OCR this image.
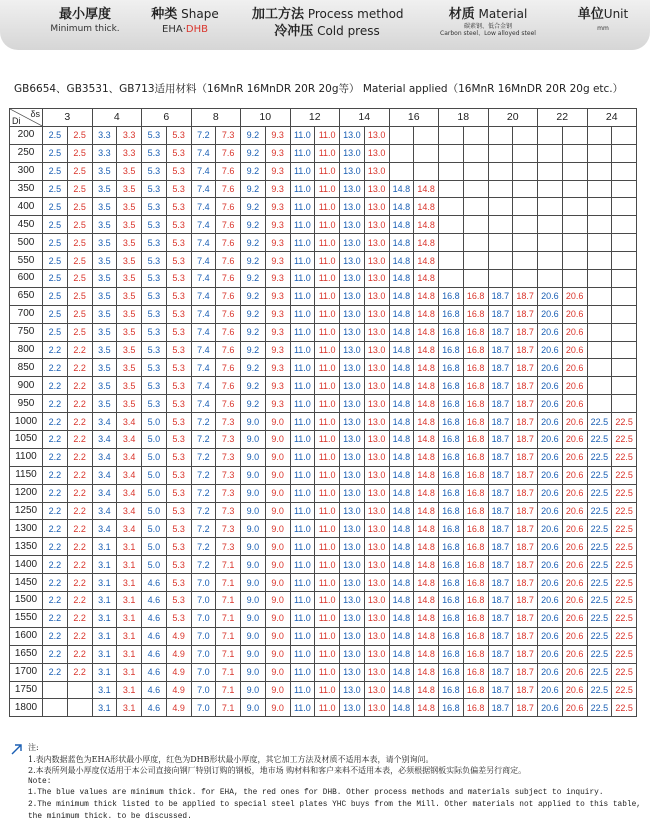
最小厚度
Minimum thick.
种类 Shape
EHA·DHB
加工方法 Process method
冷冲压 Cold press
材质 Material
碳素钢、低合金钢
Carbon steel、Low alloyed steel
单位Unit
mm
GB6654、GB3531、GB713适用材料（16MnR 16MnDR 20R 20g等） Material applied（16MnR 16MnDR 20R 20g etc.）
δs
Di	3		4		6		8		10		12		14		16		18		20		22		24	
200	2.5	2.5	3.3	3.3	5.3	5.3	7.2	7.3	9.2	9.3	11.0	11.0	13.0	13.0										
250	2.5	2.5	3.3	3.3	5.3	5.3	7.4	7.6	9.2	9.3	11.0	11.0	13.0	13.0										
300	2.5	2.5	3.5	3.5	5.3	5.3	7.4	7.6	9.2	9.3	11.0	11.0	13.0	13.0										
350	2.5	2.5	3.5	3.5	5.3	5.3	7.4	7.6	9.2	9.3	11.0	11.0	13.0	13.0	14.8	14.8								
400	2.5	2.5	3.5	3.5	5.3	5.3	7.4	7.6	9.2	9.3	11.0	11.0	13.0	13.0	14.8	14.8								
450	2.5	2.5	3.5	3.5	5.3	5.3	7.4	7.6	9.2	9.3	11.0	11.0	13.0	13.0	14.8	14.8								
500	2.5	2.5	3.5	3.5	5.3	5.3	7.4	7.6	9.2	9.3	11.0	11.0	13.0	13.0	14.8	14.8								
550	2.5	2.5	3.5	3.5	5.3	5.3	7.4	7.6	9.2	9.3	11.0	11.0	13.0	13.0	14.8	14.8								
600	2.5	2.5	3.5	3.5	5.3	5.3	7.4	7.6	9.2	9.3	11.0	11.0	13.0	13.0	14.8	14.8								
650	2.5	2.5	3.5	3.5	5.3	5.3	7.4	7.6	9.2	9.3	11.0	11.0	13.0	13.0	14.8	14.8	16.8	16.8	18.7	18.7	20.6	20.6		
700	2.5	2.5	3.5	3.5	5.3	5.3	7.4	7.6	9.2	9.3	11.0	11.0	13.0	13.0	14.8	14.8	16.8	16.8	18.7	18.7	20.6	20.6		
750	2.5	2.5	3.5	3.5	5.3	5.3	7.4	7.6	9.2	9.3	11.0	11.0	13.0	13.0	14.8	14.8	16.8	16.8	18.7	18.7	20.6	20.6		
800	2.2	2.2	3.5	3.5	5.3	5.3	7.4	7.6	9.2	9.3	11.0	11.0	13.0	13.0	14.8	14.8	16.8	16.8	18.7	18.7	20.6	20.6		
850	2.2	2.2	3.5	3.5	5.3	5.3	7.4	7.6	9.2	9.3	11.0	11.0	13.0	13.0	14.8	14.8	16.8	16.8	18.7	18.7	20.6	20.6		
900	2.2	2.2	3.5	3.5	5.3	5.3	7.4	7.6	9.2	9.3	11.0	11.0	13.0	13.0	14.8	14.8	16.8	16.8	18.7	18.7	20.6	20.6		
950	2.2	2.2	3.5	3.5	5.3	5.3	7.4	7.6	9.2	9.3	11.0	11.0	13.0	13.0	14.8	14.8	16.8	16.8	18.7	18.7	20.6	20.6		
1000	2.2	2.2	3.4	3.4	5.0	5.3	7.2	7.3	9.0	9.0	11.0	11.0	13.0	13.0	14.8	14.8	16.8	16.8	18.7	18.7	20.6	20.6	22.5	22.5
1050	2.2	2.2	3.4	3.4	5.0	5.3	7.2	7.3	9.0	9.0	11.0	11.0	13.0	13.0	14.8	14.8	16.8	16.8	18.7	18.7	20.6	20.6	22.5	22.5
1100	2.2	2.2	3.4	3.4	5.0	5.3	7.2	7.3	9.0	9.0	11.0	11.0	13.0	13.0	14.8	14.8	16.8	16.8	18.7	18.7	20.6	20.6	22.5	22.5
1150	2.2	2.2	3.4	3.4	5.0	5.3	7.2	7.3	9.0	9.0	11.0	11.0	13.0	13.0	14.8	14.8	16.8	16.8	18.7	18.7	20.6	20.6	22.5	22.5
1200	2.2	2.2	3.4	3.4	5.0	5.3	7.2	7.3	9.0	9.0	11.0	11.0	13.0	13.0	14.8	14.8	16.8	16.8	18.7	18.7	20.6	20.6	22.5	22.5
1250	2.2	2.2	3.4	3.4	5.0	5.3	7.2	7.3	9.0	9.0	11.0	11.0	13.0	13.0	14.8	14.8	16.8	16.8	18.7	18.7	20.6	20.6	22.5	22.5
1300	2.2	2.2	3.4	3.4	5.0	5.3	7.2	7.3	9.0	9.0	11.0	11.0	13.0	13.0	14.8	14.8	16.8	16.8	18.7	18.7	20.6	20.6	22.5	22.5
1350	2.2	2.2	3.1	3.1	5.0	5.3	7.2	7.3	9.0	9.0	11.0	11.0	13.0	13.0	14.8	14.8	16.8	16.8	18.7	18.7	20.6	20.6	22.5	22.5
1400	2.2	2.2	3.1	3.1	5.0	5.3	7.2	7.1	9.0	9.0	11.0	11.0	13.0	13.0	14.8	14.8	16.8	16.8	18.7	18.7	20.6	20.6	22.5	22.5
1450	2.2	2.2	3.1	3.1	4.6	5.3	7.0	7.1	9.0	9.0	11.0	11.0	13.0	13.0	14.8	14.8	16.8	16.8	18.7	18.7	20.6	20.6	22.5	22.5
1500	2.2	2.2	3.1	3.1	4.6	5.3	7.0	7.1	9.0	9.0	11.0	11.0	13.0	13.0	14.8	14.8	16.8	16.8	18.7	18.7	20.6	20.6	22.5	22.5
1550	2.2	2.2	3.1	3.1	4.6	5.3	7.0	7.1	9.0	9.0	11.0	11.0	13.0	13.0	14.8	14.8	16.8	16.8	18.7	18.7	20.6	20.6	22.5	22.5
1600	2.2	2.2	3.1	3.1	4.6	4.9	7.0	7.1	9.0	9.0	11.0	11.0	13.0	13.0	14.8	14.8	16.8	16.8	18.7	18.7	20.6	20.6	22.5	22.5
1650	2.2	2.2	3.1	3.1	4.6	4.9	7.0	7.1	9.0	9.0	11.0	11.0	13.0	13.0	14.8	14.8	16.8	16.8	18.7	18.7	20.6	20.6	22.5	22.5
1700	2.2	2.2	3.1	3.1	4.6	4.9	7.0	7.1	9.0	9.0	11.0	11.0	13.0	13.0	14.8	14.8	16.8	16.8	18.7	18.7	20.6	20.6	22.5	22.5
1750			3.1	3.1	4.6	4.9	7.0	7.1	9.0	9.0	11.0	11.0	13.0	13.0	14.8	14.8	16.8	16.8	18.7	18.7	20.6	20.6	22.5	22.5
1800			3.1	3.1	4.6	4.9	7.0	7.1	9.0	9.0	11.0	11.0	13.0	13.0	14.8	14.8	16.8	16.8	18.7	18.7	20.6	20.6	22.5	22.5
注:
1.表内数据蓝色为EHA形状最小厚度，红色为DHB形状最小厚度，其它加工方法及材质不适用本表，请个别询问。
2.本表所列最小厚度仅适用于本公司直接向钢厂特别订购的钢板，地市场 购材料和客户来料不适用本表，必须根据钢板实际负偏差另行商定。
Note:
1.The blue values are minimum thick. for EHA, the red ones for DHB. Other process methods and materials subject to inquiry.
2.The minimum thick listed to be applied to special steel plates YHC buys from the Mill. Other materials not applied to this table,
the minimum thick. to be discussed.
